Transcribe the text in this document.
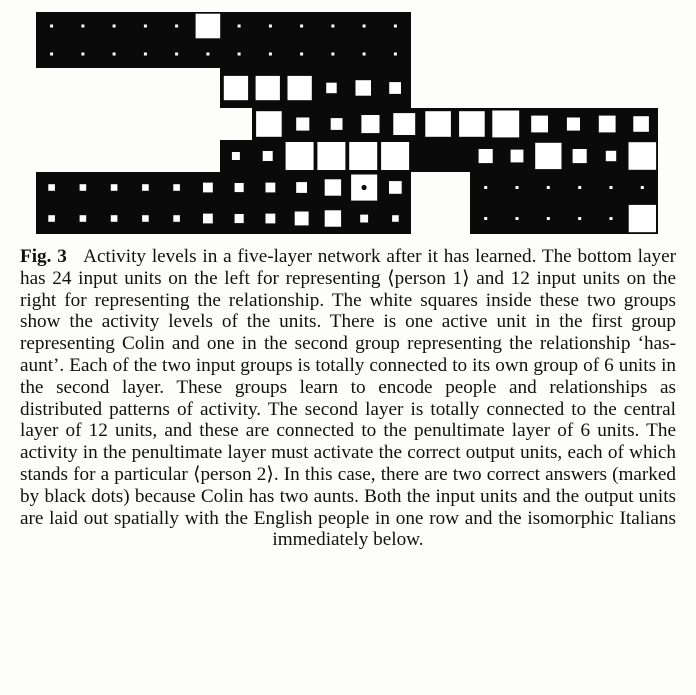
Fig. 3 Activity levels in a five-layer network after it has learned. The bottom layer has 24 input units on the left for representing ⟨person 1⟩ and 12 input units on the right for representing the relationship. The white squares inside these two groups show the activity levels of the units. There is one active unit in the first group representing Colin and one in the second group representing the relationship ‘has-aunt’. Each of the two input groups is totally connected to its own group of 6 units in the second layer. These groups learn to encode people and relationships as distributed patterns of activity. The second layer is totally connected to the central layer of 12 units, and these are connected to the penultimate layer of 6 units. The activity in the penultimate layer must activate the correct output units, each of which stands for a particular ⟨person 2⟩. In this case, there are two correct answers (marked by black dots) because Colin has two aunts. Both the input units and the output units are laid out spatially with the English people in one row and the isomorphic Italians immediately below.
